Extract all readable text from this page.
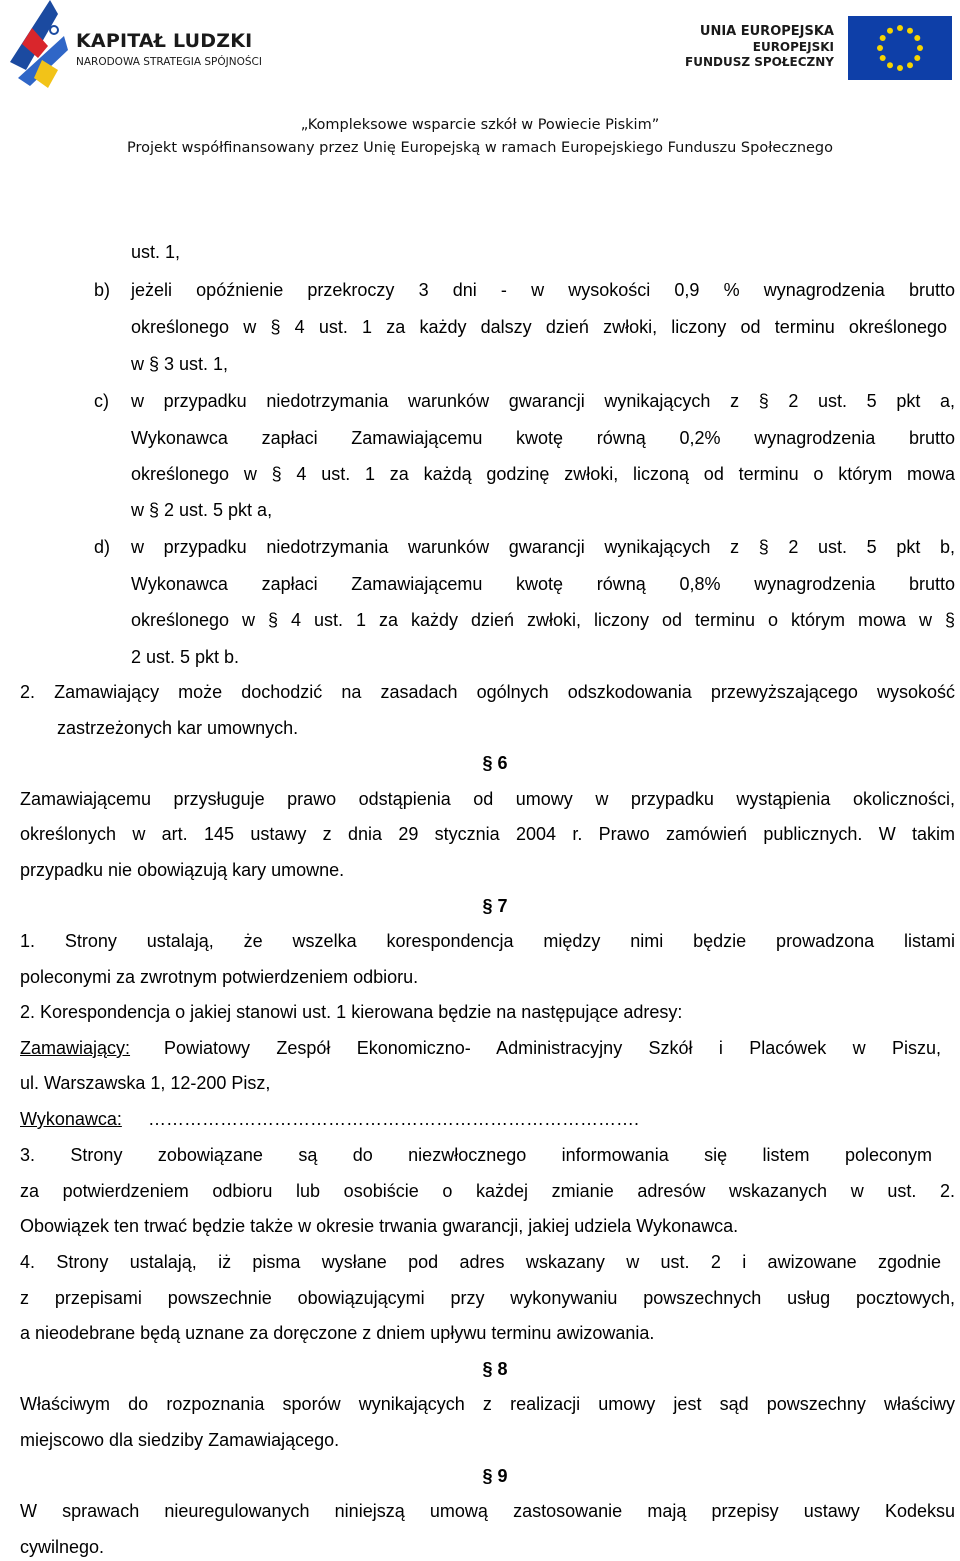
KAPITAŁ LUDZKI
NARODOWA STRATEGIA SPÓJNOŚCI
UNIA EUROPEJSKA
EUROPEJSKI
FUNDUSZ SPOŁECZNY
„Kompleksowe wsparcie szkół w Powiecie Piskim”
Projekt współfinansowany przez Unię Europejską w ramach Europejskiego Funduszu Społecznego
ust. 1,
b) jeżeli opóźnienie przekroczy 3 dni - w wysokości 0,9 % wynagrodzenia brutto
określonego w § 4 ust. 1 za każdy dalszy dzień zwłoki, liczony od terminu określonego
w § 3 ust. 1,
c) w przypadku niedotrzymania warunków gwarancji wynikających z § 2 ust. 5 pkt a,
Wykonawca zapłaci Zamawiającemu kwotę równą 0,2% wynagrodzenia brutto
określonego w § 4 ust. 1 za każdą godzinę zwłoki, liczoną od terminu o którym mowa
w § 2 ust. 5 pkt a,
d) w przypadku niedotrzymania warunków gwarancji wynikających z § 2 ust. 5 pkt b,
Wykonawca zapłaci Zamawiającemu kwotę równą 0,8% wynagrodzenia brutto
określonego w § 4 ust. 1 za każdy dzień zwłoki, liczony od terminu o którym mowa w §
2 ust. 5 pkt b.
2. Zamawiający może dochodzić na zasadach ogólnych odszkodowania przewyższającego wysokość
zastrzeżonych kar umownych.
§ 6
Zamawiającemu przysługuje prawo odstąpienia od umowy w przypadku wystąpienia okoliczności,
określonych w art. 145 ustawy z dnia 29 stycznia 2004 r. Prawo zamówień publicznych. W takim
przypadku nie obowiązują kary umowne.
§ 7
1. Strony ustalają, że wszelka korespondencja między nimi będzie prowadzona listami
poleconymi za zwrotnym potwierdzeniem odbioru.
2. Korespondencja o jakiej stanowi ust. 1 kierowana będzie na następujące adresy:
Zamawiający: Powiatowy Zespół Ekonomiczno- Administracyjny Szkół i Placówek w Piszu,
ul. Warszawska 1, 12-200 Pisz,
Wykonawca: ……………………………………………………………………….
3. Strony zobowiązane są do niezwłocznego informowania się listem poleconym
za potwierdzeniem odbioru lub osobiście o każdej zmianie adresów wskazanych w ust. 2.
Obowiązek ten trwać będzie także w okresie trwania gwarancji, jakiej udziela Wykonawca.
4. Strony ustalają, iż pisma wysłane pod adres wskazany w ust. 2 i awizowane zgodnie
z przepisami powszechnie obowiązującymi przy wykonywaniu powszechnych usług pocztowych,
a nieodebrane będą uznane za doręczone z dniem upływu terminu awizowania.
§ 8
Właściwym do rozpoznania sporów wynikających z realizacji umowy jest sąd powszechny właściwy
miejscowo dla siedziby Zamawiającego.
§ 9
W sprawach nieuregulowanych niniejszą umową zastosowanie mają przepisy ustawy Kodeksu
cywilnego.
